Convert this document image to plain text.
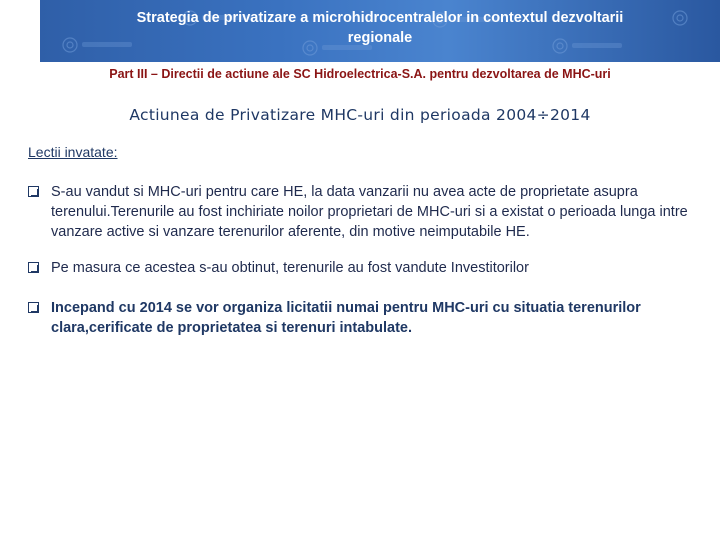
Strategia de privatizare a microhidrocentralelor in contextul dezvoltarii
regionale
Part III – Directii de actiune ale SC Hidroelectrica-S.A. pentru dezvoltarea de MHC-uri
Actiunea de Privatizare MHC-uri din perioada 2004÷2014
Lectii invatate:
S-au vandut si MHC-uri pentru care HE, la data vanzarii nu avea acte de proprietate asupra terenului.Terenurile au fost inchiriate noilor proprietari de MHC-uri si a existat o perioada lunga intre vanzare active si vanzare terenurilor aferente, din motive neimputabile HE.
Pe masura ce acestea s-au obtinut, terenurile au fost vandute Investitorilor
Incepand cu 2014 se vor organiza licitatii numai pentru MHC-uri cu situatia terenurilor clara,cerificate de proprietatea si terenuri intabulate.
